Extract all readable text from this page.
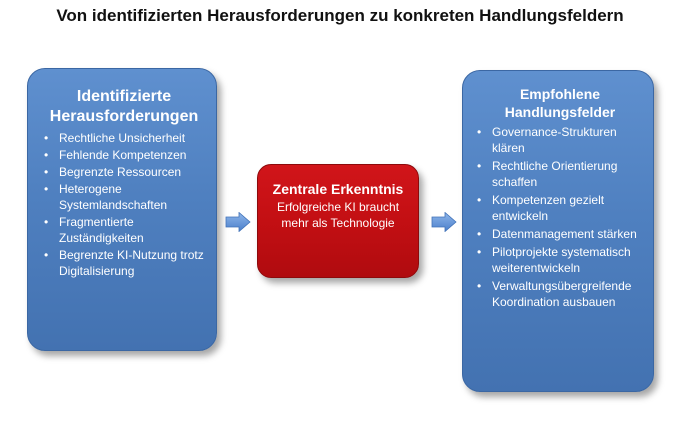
Von identifizierten Herausforderungen zu konkreten Handlungsfeldern
Identifizierte Herausforderungen
• Rechtliche Unsicherheit
• Fehlende Kompetenzen
• Begrenzte Ressourcen
• Heterogene Systemlandschaften
• Fragmentierte Zuständigkeiten
• Begrenzte KI-Nutzung trotz Digitalisierung
Zentrale Erkenntnis
Erfolgreiche KI braucht mehr als Technologie
Empfohlene Handlungsfelder
• Governance-Strukturen klären
• Rechtliche Orientierung schaffen
• Kompetenzen gezielt entwickeln
• Datenmanagement stärken
• Pilotprojekte systematisch weiterentwickeln
• Verwaltungsübergreifende Koordination ausbauen
